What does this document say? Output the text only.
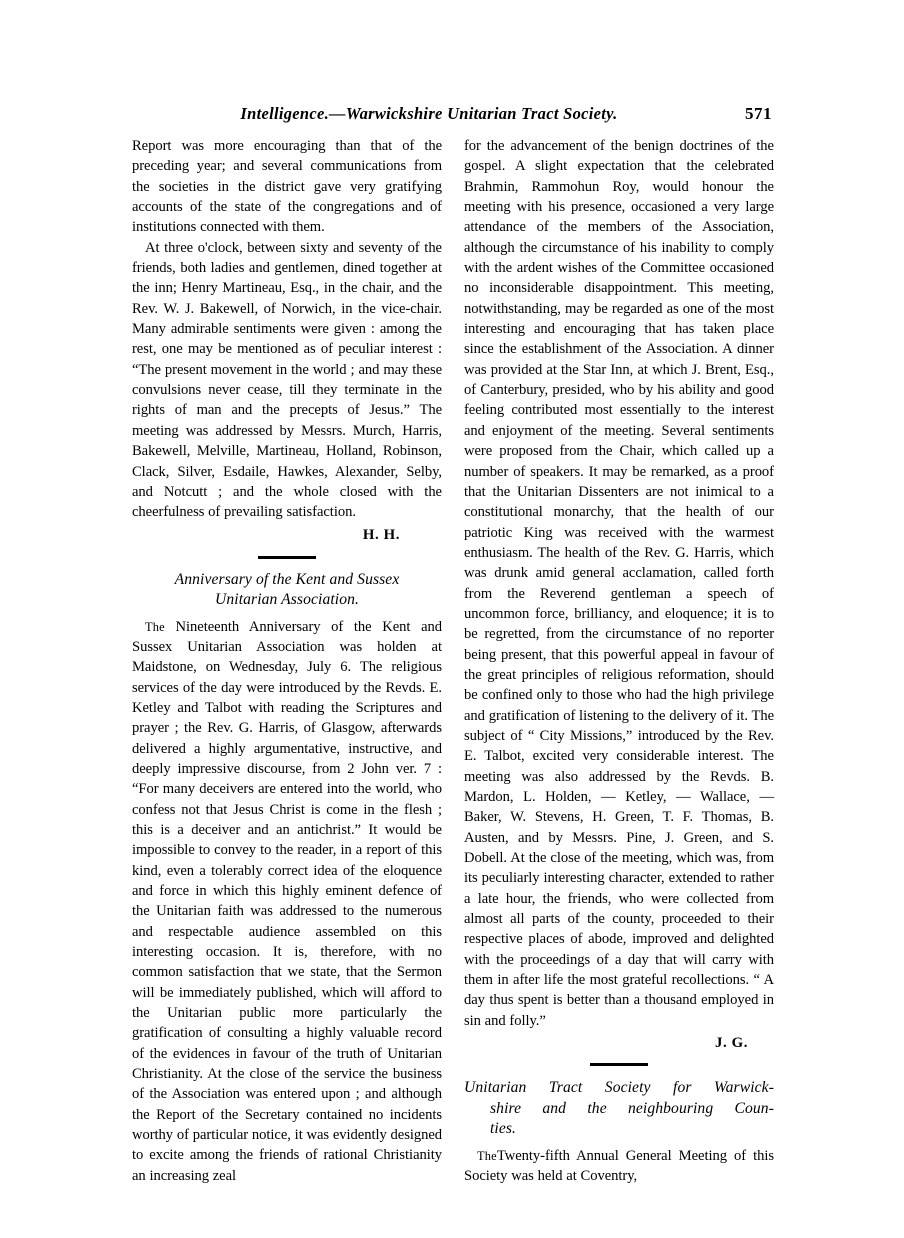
Intelligence.—Warwickshire Unitarian Tract Society.	571

Report was more encouraging than that of the preceding year; and several communications from the societies in the district gave very gratifying accounts of the state of the congregations and of institutions connected with them.

At three o'clock, between sixty and seventy of the friends, both ladies and gentlemen, dined together at the inn; Henry Martineau, Esq., in the chair, and the Rev. W. J. Bakewell, of Norwich, in the vice-chair. Many admirable sentiments were given : among the rest, one may be mentioned as of peculiar interest : “The present movement in the world ; and may these convulsions never cease, till they terminate in the rights of man and the precepts of Jesus.” The meeting was addressed by Messrs. Murch, Harris, Bakewell, Melville, Martineau, Holland, Robinson, Clack, Silver, Esdaile, Hawkes, Alexander, Selby, and Notcutt ; and the whole closed with the cheerfulness of prevailing satisfaction.

H. H.

Anniversary of the Kent and Sussex
Unitarian Association.

The Nineteenth Anniversary of the Kent and Sussex Unitarian Association was holden at Maidstone, on Wednesday, July 6. The religious services of the day were introduced by the Revds. E. Ketley and Talbot with reading the Scriptures and prayer ; the Rev. G. Harris, of Glasgow, afterwards delivered a highly argumentative, instructive, and deeply impressive discourse, from 2 John ver. 7 : “For many deceivers are entered into the world, who confess not that Jesus Christ is come in the flesh ; this is a deceiver and an antichrist.” It would be impossible to convey to the reader, in a report of this kind, even a tolerably correct idea of the eloquence and force in which this highly eminent defence of the Unitarian faith was addressed to the numerous and respectable audience assembled on this interesting occasion. It is, therefore, with no common satisfaction that we state, that the Sermon will be immediately published, which will afford to the Unitarian public more particularly the gratification of consulting a highly valuable record of the evidences in favour of the truth of Unitarian Christianity. At the close of the service the business of the Association was entered upon ; and although the Report of the Secretary contained no incidents worthy of particular notice, it was evidently designed to excite among the friends of rational Christianity an increasing zeal

for the advancement of the benign doctrines of the gospel. A slight expectation that the celebrated Brahmin, Rammohun Roy, would honour the meeting with his presence, occasioned a very large attendance of the members of the Association, although the circumstance of his inability to comply with the ardent wishes of the Committee occasioned no inconsiderable disappointment. This meeting, notwithstanding, may be regarded as one of the most interesting and encouraging that has taken place since the establishment of the Association. A dinner was provided at the Star Inn, at which J. Brent, Esq., of Canterbury, presided, who by his ability and good feeling contributed most essentially to the interest and enjoyment of the meeting. Several sentiments were proposed from the Chair, which called up a number of speakers. It may be remarked, as a proof that the Unitarian Dissenters are not inimical to a constitutional monarchy, that the health of our patriotic King was received with the warmest enthusiasm. The health of the Rev. G. Harris, which was drunk amid general acclamation, called forth from the Reverend gentleman a speech of uncommon force, brilliancy, and eloquence; it is to be regretted, from the circumstance of no reporter being present, that this powerful appeal in favour of the great principles of religious reformation, should be confined only to those who had the high privilege and gratification of listening to the delivery of it. The subject of “ City Missions,” introduced by the Rev. E. Talbot, excited very considerable interest. The meeting was also addressed by the Revds. B. Mardon, L. Holden, — Ketley, — Wallace, — Baker, W. Stevens, H. Green, T. F. Thomas, B. Austen, and by Messrs. Pine, J. Green, and S. Dobell. At the close of the meeting, which was, from its peculiarly interesting character, extended to rather a late hour, the friends, who were collected from almost all parts of the county, proceeded to their respective places of abode, improved and delighted with the proceedings of a day that will carry with them in after life the most grateful recollections. “ A day thus spent is better than a thousand employed in sin and folly.”

J. G.

Unitarian Tract Society for Warwick-
shire and the neighbouring Coun-
ties.

TheTwenty-fifth Annual General Meeting of this Society was held at Coventry,
